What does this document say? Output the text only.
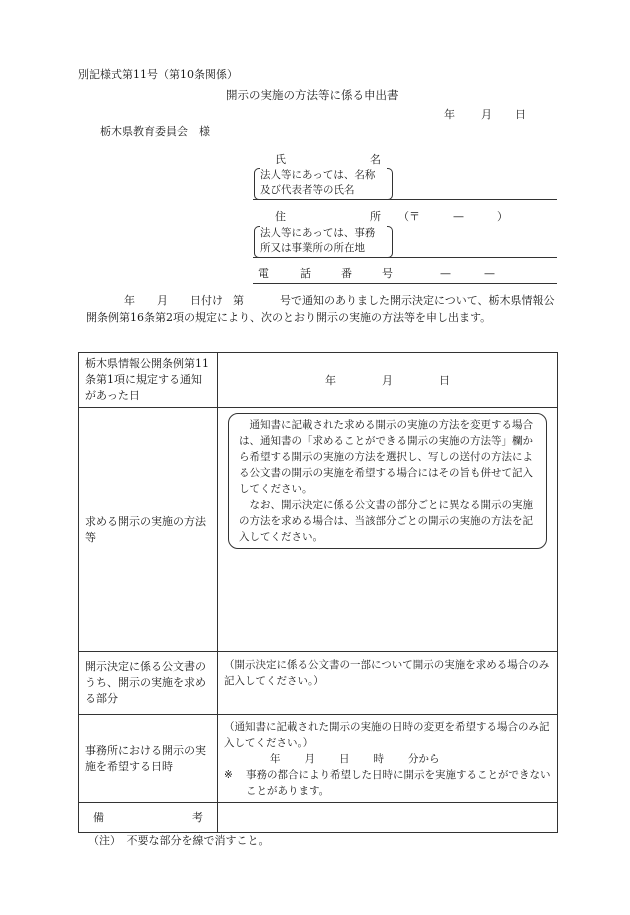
別記様式第11号（第10条関係）
開示の実施の方法等に係る申出書
年 月 日
栃木県教育委員会　様
氏	名
法人等にあっては、名称
及び代表者等の氏名
住	所 （〒　　　—　　　）
法人等にあっては、事務
所又は事業所の所在地
電	話	番	号	—　　　—
年 月 日付け 第	号で通知のありました開示決定について、栃木県情報公開条例第16条第2項の規定により、次のとおり開示の実施の方法等を申し出ます。
栃木県情報公開条例第11条第1項に規定する通知があった日	年 月 日

求める開示の実施の方法等	通知書に記載された求める開示の実施の方法を変更する場合は、通知書の「求めることができる開示の実施の方法等」欄から希望する開示の実施の方法を選択し、写しの送付の方法による公文書の開示の実施を希望する場合にはその旨も併せて記入してください。
なお、開示決定に係る公文書の部分ごとに異なる開示の実施の方法を求める場合は、当該部分ごとの開示の実施の方法を記入してください。

開示決定に係る公文書のうち、開示の実施を求める部分	（開示決定に係る公文書の一部について開示の実施を求める場合のみ記入してください。）

事務所における開示の実施を希望する日時	（通知書に記載された開示の実施の日時の変更を希望する場合のみ記入してください。）
年 月 日 時 分から
※ 事務の都合により希望した日時に開示を実施することができないことがあります。

備 考	

（注）　不要な部分を線で消すこと。
